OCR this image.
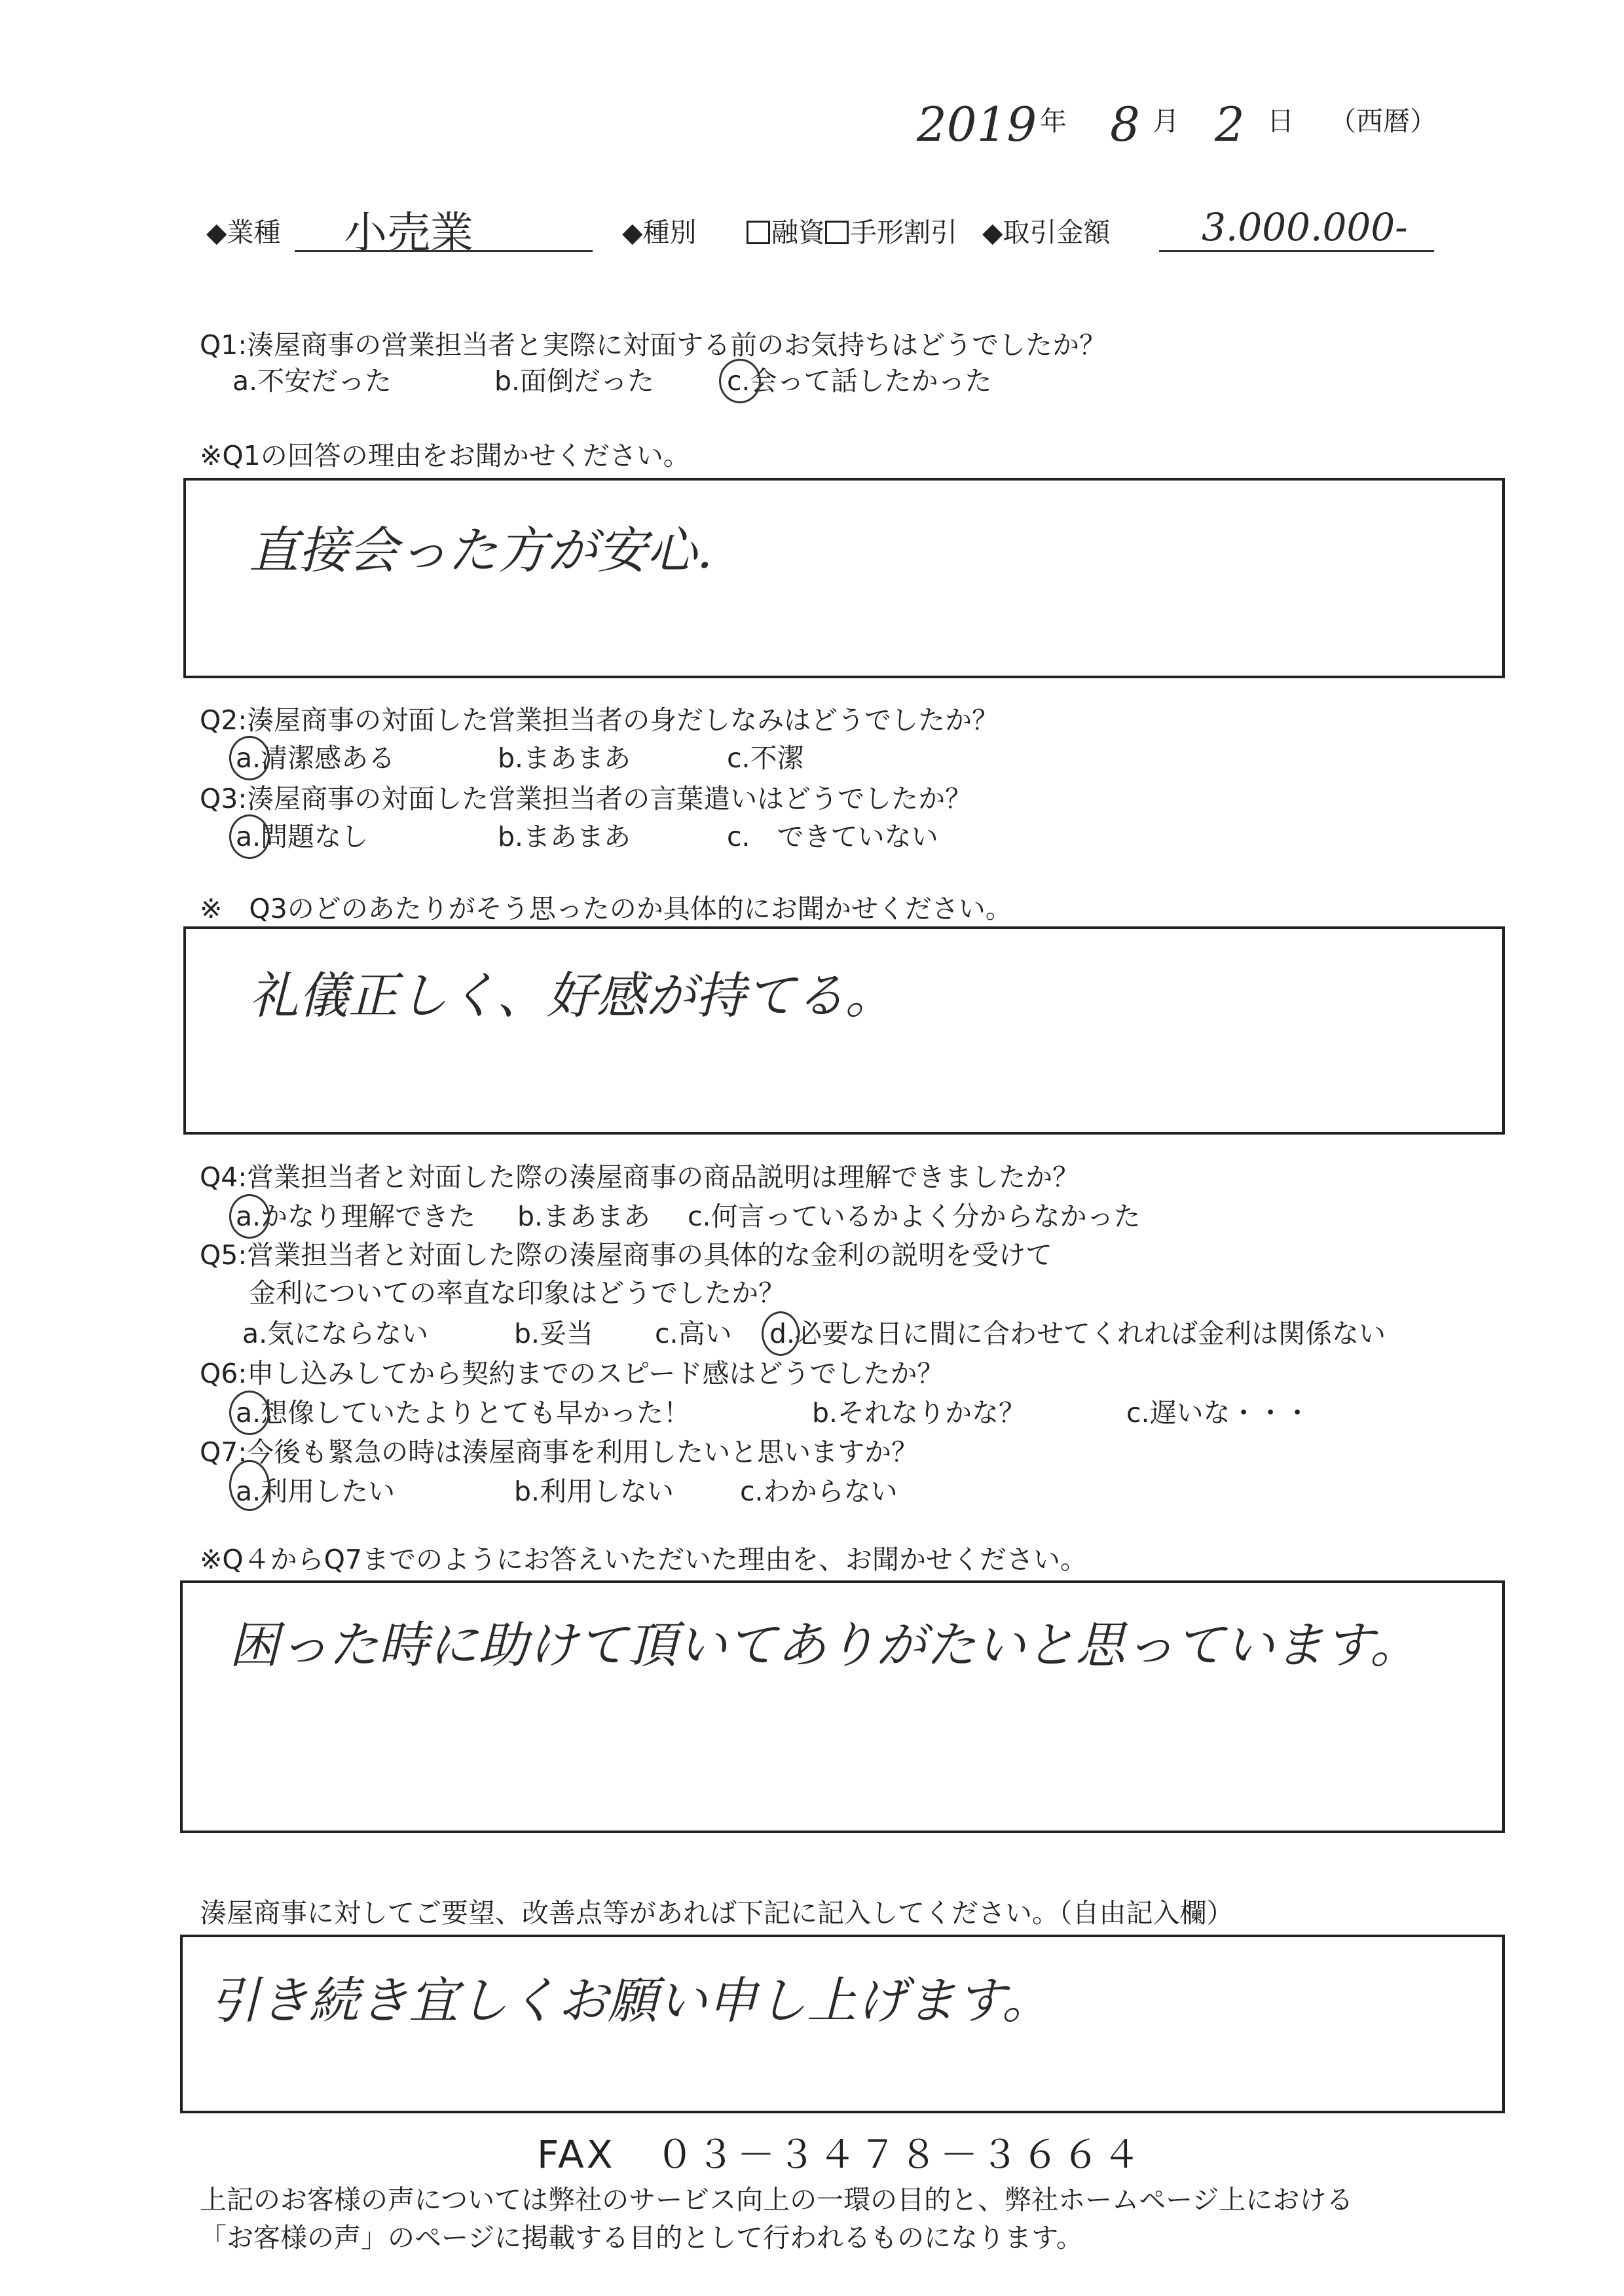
2019 年 8 月 2 日 （西暦）
◆業種 小売業	◆種別	融資 手形割引 ◆取引金額 3.000.000-
Q1:湊屋商事の営業担当者と実際に対面する前のお気持ちはどうでしたか？
a.不安だった	b.面倒だった	c.会って話したかった
※Q1の回答の理由をお聞かせください。
直接会った方が安心.
Q2:湊屋商事の対面した営業担当者の身だしなみはどうでしたか？
a.清潔感ある	b.まあまあ	c.不潔
Q3:湊屋商事の対面した営業担当者の言葉遣いはどうでしたか？
a.問題なし	b.まあまあ	c.　できていない
※　Q3のどのあたりがそう思ったのか具体的にお聞かせください。
礼儀正しく、好感が持てる。
Q4:営業担当者と対面した際の湊屋商事の商品説明は理解できましたか？
a.かなり理解できた b.まあまあ c.何言っているかよく分からなかった
Q5:営業担当者と対面した際の湊屋商事の具体的な金利の説明を受けて
金利についての率直な印象はどうでしたか？
a.気にならない	b.妥当 c.高い d.必要な日に間に合わせてくれれば金利は関係ない
Q6:申し込みしてから契約までのスピード感はどうでしたか？
a.想像していたよりとても早かった！	b.それなりかな？	c.遅いな・・・
Q7:今後も緊急の時は湊屋商事を利用したいと思いますか？
a.利用したい	b.利用しない c.わからない
※Q４からQ7までのようにお答えいただいた理由を、お聞かせください。
困った時に助けて頂いてありがたいと思っています。
湊屋商事に対してご要望、改善点等があれば下記に記入してください。（自由記入欄）
引き続き宜しくお願い申し上げます。
FAX　０３－３４７８－３６６４
上記のお客様の声については弊社のサービス向上の一環の目的と、弊社ホームページ上における
「お客様の声」のページに掲載する目的として行われるものになります。
